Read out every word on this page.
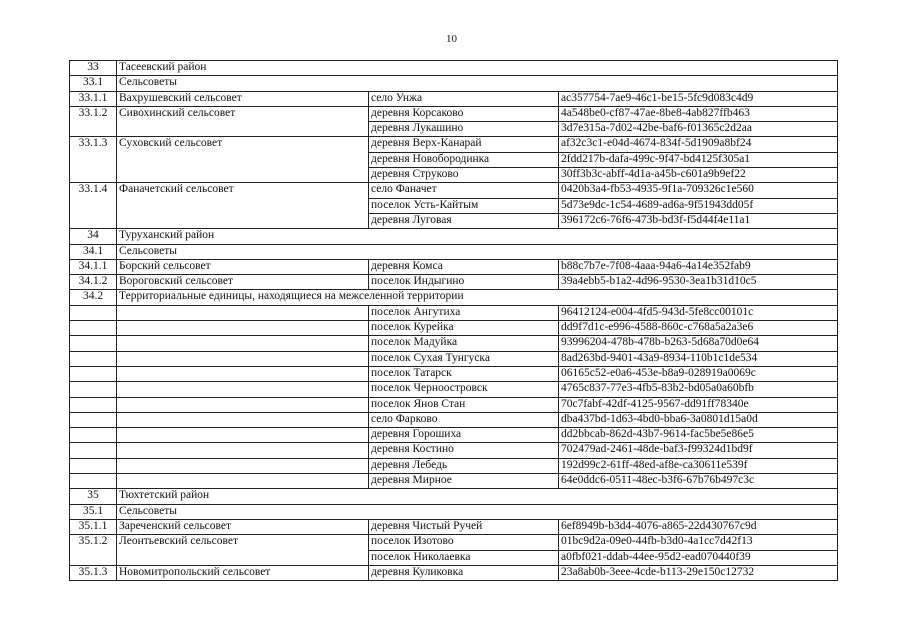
10
33	Тасеевский район		
33.1	Сельсоветы		
33.1.1	Вахрушевский сельсовет	село Унжа	ac357754-7ae9-46c1-be15-5fc9d083c4d9
33.1.2	Сивохинский сельсовет	деревня Корсаково	4a548be0-cf87-47ae-8be8-4ab827ffb463
		деревня Лукашино	3d7e315a-7d02-42be-baf6-f01365c2d2aa
33.1.3	Суховский сельсовет	деревня Верх-Канарай	af32c3c1-e04d-4674-834f-5d1909a8bf24
		деревня Новобородинка	2fdd217b-dafa-499c-9f47-bd4125f305a1
		деревня Струково	30ff3b3c-abff-4d1a-a45b-c601a9b9ef22
33.1.4	Фаначетский сельсовет	село Фаначет	0420b3a4-fb53-4935-9f1a-709326c1e560
		поселок Усть-Кайтым	5d73e9dc-1c54-4689-ad6a-9f51943dd05f
		деревня Луговая	396172c6-76f6-473b-bd3f-f5d44f4e11a1
34	Туруханский район		
34.1	Сельсоветы		
34.1.1	Борский сельсовет	деревня Комса	b88c7b7e-7f08-4aaa-94a6-4a14e352fab9
34.1.2	Вороговский сельсовет	поселок Индыгино	39a4ebb5-b1a2-4d96-9530-3ea1b31d10c5
34.2	Территориальные единицы, находящиеся на межселенной территории		
		поселок Ангутиха	96412124-e004-4fd5-943d-5fe8cc00101c
		поселок Курейка	dd9f7d1c-e996-4588-860c-c768a5a2a3e6
		поселок Мадуйка	93996204-478b-478b-b263-5d68a70d0e64
		поселок Сухая Тунгуска	8ad263bd-9401-43a9-8934-110b1c1de534
		поселок Татарск	06165c52-e0a6-453e-b8a9-028919a0069c
		поселок Черноостровск	4765c837-77e3-4fb5-83b2-bd05a0a60bfb
		поселок Янов Стан	70c7fabf-42df-4125-9567-dd91ff78340e
		село Фарково	dba437bd-1d63-4bd0-bba6-3a0801d15a0d
		деревня Горошиха	dd2bbcab-862d-43b7-9614-fac5be5e86e5
		деревня Костино	702479ad-2461-48de-baf3-f99324d1bd9f
		деревня Лебедь	192d99c2-61ff-48ed-af8e-ca30611e539f
		деревня Мирное	64e0ddc6-0511-48ec-b3f6-67b76b497c3c
35	Тюхтетский район		
35.1	Сельсоветы		
35.1.1	Зареченский сельсовет	деревня Чистый Ручей	6ef8949b-b3d4-4076-a865-22d430767c9d
35.1.2	Леонтьевский сельсовет	поселок Изотово	01bc9d2a-09e0-44fb-b3d0-4a1cc7d42f13
		поселок Николаевка	a0fbf021-ddab-44ee-95d2-ead070440f39
35.1.3	Новомитропольский сельсовет	деревня Куликовка	23a8ab0b-3eee-4cde-b113-29e150c12732
